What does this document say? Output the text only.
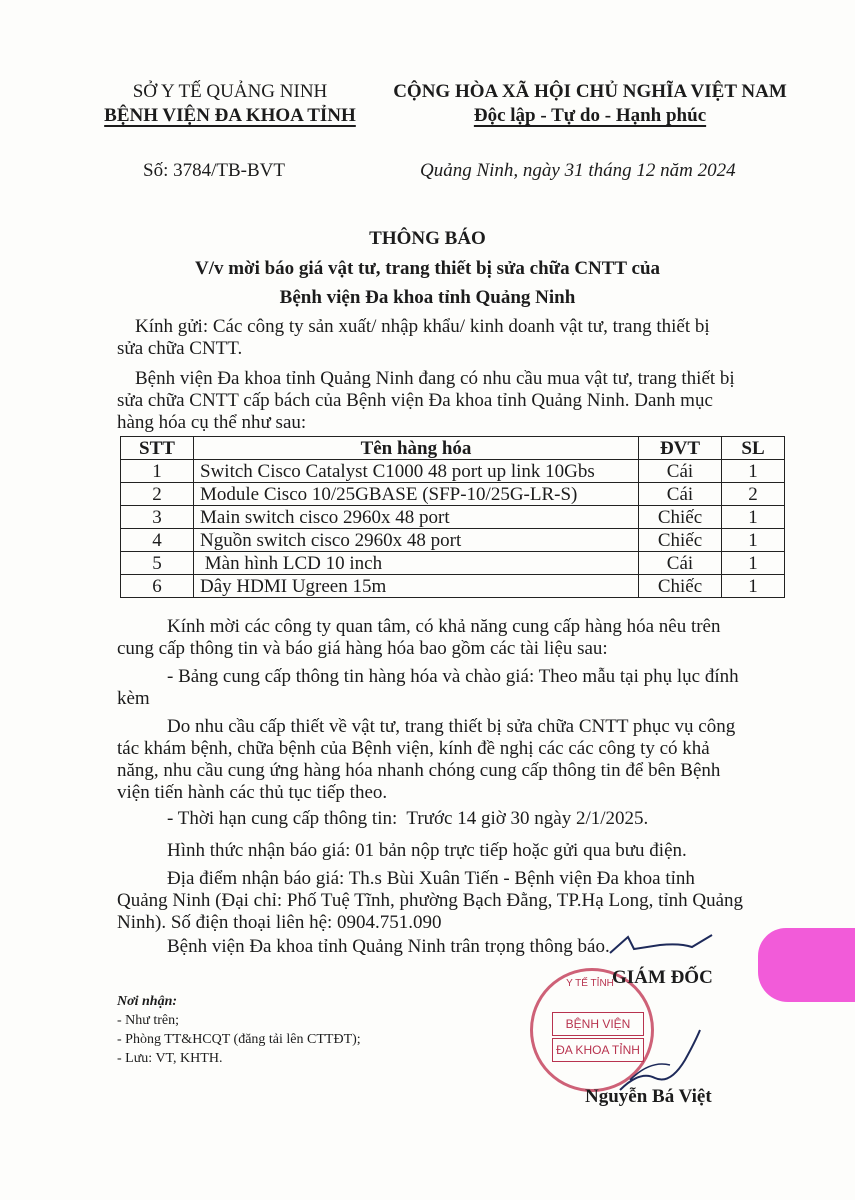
SỞ Y TẾ QUẢNG NINH
BỆNH VIỆN ĐA KHOA TỈNH
CỘNG HÒA XÃ HỘI CHỦ NGHĨA VIỆT NAM
Độc lập - Tự do - Hạnh phúc
Số: 3784/TB-BVT	Quảng Ninh, ngày 31 tháng 12 năm 2024
THÔNG BÁO
V/v mời báo giá vật tư, trang thiết bị sửa chữa CNTT của
Bệnh viện Đa khoa tỉnh Quảng Ninh
Kính gửi: Các công ty sản xuất/ nhập khẩu/ kinh doanh vật tư, trang thiết bị
sửa chữa CNTT.
Bệnh viện Đa khoa tỉnh Quảng Ninh đang có nhu cầu mua vật tư, trang thiết bị
sửa chữa CNTT cấp bách của Bệnh viện Đa khoa tỉnh Quảng Ninh. Danh mục
hàng hóa cụ thể như sau:
STT	Tên hàng hóa	ĐVT	SL
1	Switch Cisco Catalyst C1000 48 port up link 10Gbs	Cái	1
2	Module Cisco 10/25GBASE (SFP-10/25G-LR-S)	Cái	2
3	Main switch cisco 2960x 48 port	Chiếc	1
4	Nguồn switch cisco 2960x 48 port	Chiếc	1
5	Màn hình LCD 10 inch	Cái	1
6	Dây HDMI Ugreen 15m	Chiếc	1
Kính mời các công ty quan tâm, có khả năng cung cấp hàng hóa nêu trên
cung cấp thông tin và báo giá hàng hóa bao gồm các tài liệu sau:
- Bảng cung cấp thông tin hàng hóa và chào giá: Theo mẫu tại phụ lục đính
kèm
Do nhu cầu cấp thiết về vật tư, trang thiết bị sửa chữa CNTT phục vụ công
tác khám bệnh, chữa bệnh của Bệnh viện, kính đề nghị các các công ty có khả
năng, nhu cầu cung ứng hàng hóa nhanh chóng cung cấp thông tin để bên Bệnh
viện tiến hành các thủ tục tiếp theo.
- Thời hạn cung cấp thông tin:  Trước 14 giờ 30 ngày 2/1/2025.
Hình thức nhận báo giá: 01 bản nộp trực tiếp hoặc gửi qua bưu điện.
Địa điểm nhận báo giá: Th.s Bùi Xuân Tiến - Bệnh viện Đa khoa tỉnh
Quảng Ninh (Đại chỉ: Phố Tuệ Tĩnh, phường Bạch Đằng, TP.Hạ Long, tỉnh Quảng
Ninh). Số điện thoại liên hệ: 0904.751.090
Bệnh viện Đa khoa tỉnh Quảng Ninh trân trọng thông báo.
Nơi nhận:
- Như trên;
- Phòng TT&HCQT (đăng tải lên CTTĐT);
- Lưu: VT, KHTH.
Y TẾ TỈNH
BỆNH VIỆN
ĐA KHOA TỈNH
GIÁM ĐỐC
Nguyễn Bá Việt
